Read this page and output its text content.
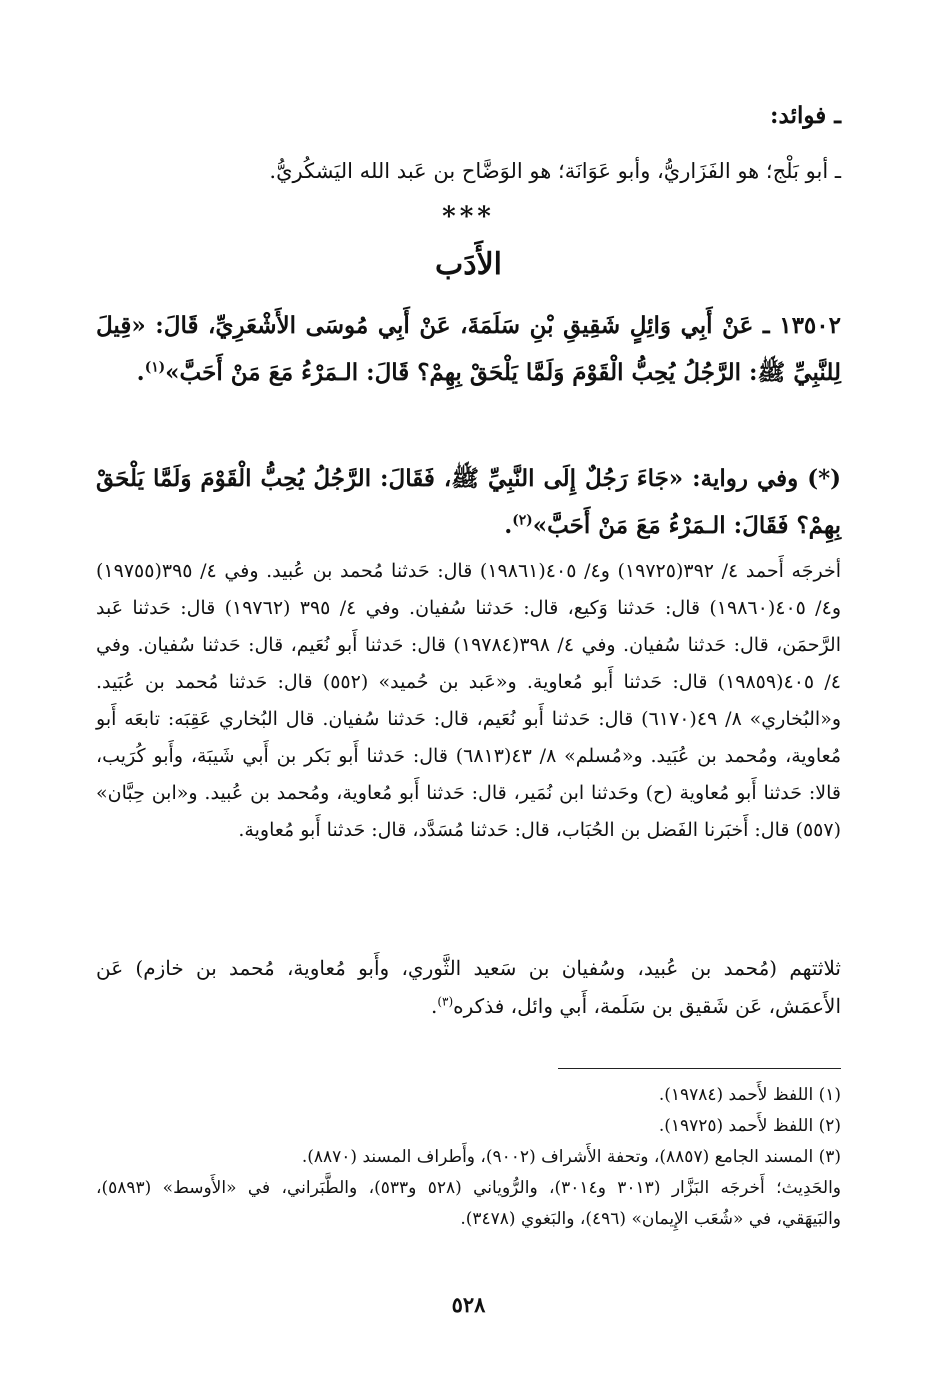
ـ فوائد:
ـ أبو بَلْج؛ هو الفَزَاريُّ، وأبو عَوَانَة؛ هو الوَضَّاح بن عَبد الله اليَشكُريُّ.
***
الأَدَب
١٣٥٠٢ ـ عَنْ أَبِي وَائِلٍ شَقِيقِ بْنِ سَلَمَةَ، عَنْ أَبِي مُوسَى الأَشْعَرِيِّ، قَالَ: «قِيلَ لِلنَّبِيِّ ﷺ: الرَّجُلُ يُحِبُّ الْقَوْمَ وَلَمَّا يَلْحَقْ بِهِمْ؟ قَالَ: الـمَرْءُ مَعَ مَنْ أَحَبَّ»$^{(١)}$.
(*) وفي رواية: «جَاءَ رَجُلٌ إِلَى النَّبِيِّ ﷺ، فَقَالَ: الرَّجُلُ يُحِبُّ الْقَوْمَ وَلَمَّا يَلْحَقْ بِهِمْ؟ فَقَالَ: الـمَرْءُ مَعَ مَنْ أَحَبَّ»$^{(٢)}$.
أخرجَه أَحمد ٤/ ٣٩٢(١٩٧٢٥) و٤/ ٤٠٥(١٩٨٦١) قال: حَدثنا مُحمد بن عُبيد. وفي ٤/ ٣٩٥(١٩٧٥٥) و٤/ ٤٠٥(١٩٨٦٠) قال: حَدثنا وَكيع، قال: حَدثنا سُفيان. وفي ٤/ ٣٩٥ (١٩٧٦٢) قال: حَدثنا عَبد الرَّحمَن، قال: حَدثنا سُفيان. وفي ٤/ ٣٩٨(١٩٧٨٤) قال: حَدثنا أَبو نُعَيم، قال: حَدثنا سُفيان. وفي ٤/ ٤٠٥(١٩٨٥٩) قال: حَدثنا أَبو مُعاوية. و«عَبد بن حُميد» (٥٥٢) قال: حَدثنا مُحمد بن عُبَيد. و«البُخاري» ٨/ ٤٩(٦١٧٠) قال: حَدثنا أَبو نُعَيم، قال: حَدثنا سُفيان. قال البُخاري عَقِبَه: تابعَه أَبو مُعاوية، ومُحمد بن عُبَيد. و«مُسلم» ٨/ ٤٣(٦٨١٣) قال: حَدثنا أَبو بَكر بن أَبي شَيبَة، وأَبو كُرَيب، قالا: حَدثنا أَبو مُعاوية (ح) وحَدثنا ابن نُمَير، قال: حَدثنا أَبو مُعاوية، ومُحمد بن عُبيد. و«ابن حِبَّان» (٥٥٧) قال: أَخبَرنا الفَضل بن الحُبَاب، قال: حَدثنا مُسَدَّد، قال: حَدثنا أَبو مُعاوية.
ثلاثتهم (مُحمد بن عُبيد، وسُفيان بن سَعيد الثَّوري، وأَبو مُعاوية، مُحمد بن خازم) عَن الأَعمَش، عَن شَقيق بن سَلَمة، أَبي وائل، فذكره$^{(٣)}$.
(١) اللفظ لأَحمد (١٩٧٨٤).
(٢) اللفظ لأَحمد (١٩٧٢٥).
(٣) المسند الجامع (٨٨٥٧)، وتحفة الأَشراف (٩٠٠٢)، وأَطراف المسند (٨٨٧٠).
والحَدِيث؛ أَخرجَه البَزَّار (٣٠١٣ و٣٠١٤)، والرُّوياني (٥٢٨ و٥٣٣)، والطَّبَراني، في «الأَوسط» (٥٨٩٣)، والبَيهَقي، في «شُعَب الإِيمان» (٤٩٦)، والبَغوي (٣٤٧٨).
٥٢٨
